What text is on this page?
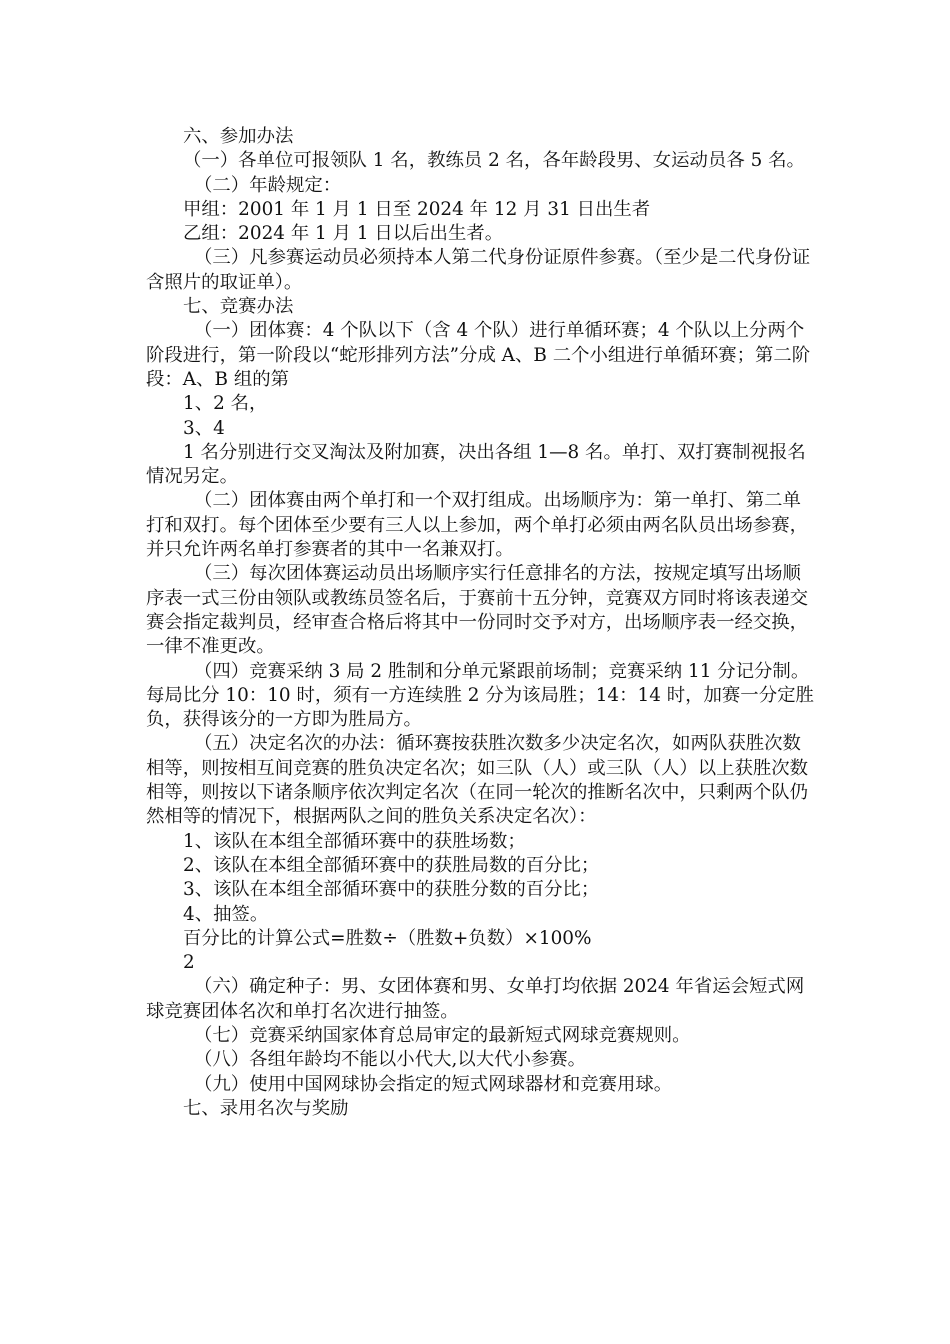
六、参加办法

（一）各单位可报领队 1 名，教练员 2 名，各年龄段男、女运动员各 5 名。

（二）年龄规定：

甲组：2001 年 1 月 1 日至 2024 年 12 月 31 日出生者

乙组：2024 年 1 月 1 日以后出生者。

（三）凡参赛运动员必须持本人第二代身份证原件参赛。（至少是二代身份证含照片的取证单）。

七、竞赛办法

（一）团体赛：4 个队以下（含 4 个队）进行单循环赛；4 个队以上分两个阶段进行，第一阶段以“蛇形排列方法”分成 A、B 二个小组进行单循环赛；第二阶段：A、B 组的第

1、2 名，

3、4

1 名分别进行交叉淘汰及附加赛，决出各组 1—8 名。单打、双打赛制视报名情况另定。

（二）团体赛由两个单打和一个双打组成。出场顺序为：第一单打、第二单打和双打。每个团体至少要有三人以上参加，两个单打必须由两名队员出场参赛，并只允许两名单打参赛者的其中一名兼双打。

（三）每次团体赛运动员出场顺序实行任意排名的方法，按规定填写出场顺序表一式三份由领队或教练员签名后，于赛前十五分钟，竞赛双方同时将该表递交赛会指定裁判员，经审查合格后将其中一份同时交予对方，出场顺序表一经交换，一律不准更改。

（四）竞赛采纳 3 局 2 胜制和分单元紧跟前场制；竞赛采纳 11 分记分制。每局比分 10：10 时，须有一方连续胜 2 分为该局胜；14：14 时，加赛一分定胜负，获得该分的一方即为胜局方。

（五）决定名次的办法：循环赛按获胜次数多少决定名次，如两队获胜次数相等，则按相互间竞赛的胜负决定名次；如三队（人）或三队（人）以上获胜次数相等，则按以下诸条顺序依次判定名次（在同一轮次的推断名次中，只剩两个队仍然相等的情况下，根据两队之间的胜负关系决定名次）：

1、该队在本组全部循环赛中的获胜场数；

2、该队在本组全部循环赛中的获胜局数的百分比；

3、该队在本组全部循环赛中的获胜分数的百分比；

4、抽签。

百分比的计算公式=胜数÷（胜数+负数）×100%

2

（六）确定种子：男、女团体赛和男、女单打均依据 2024 年省运会短式网球竞赛团体名次和单打名次进行抽签。

（七）竞赛采纳国家体育总局审定的最新短式网球竞赛规则。

（八）各组年龄均不能以小代大,以大代小参赛。

（九）使用中国网球协会指定的短式网球器材和竞赛用球。

七、录用名次与奖励
